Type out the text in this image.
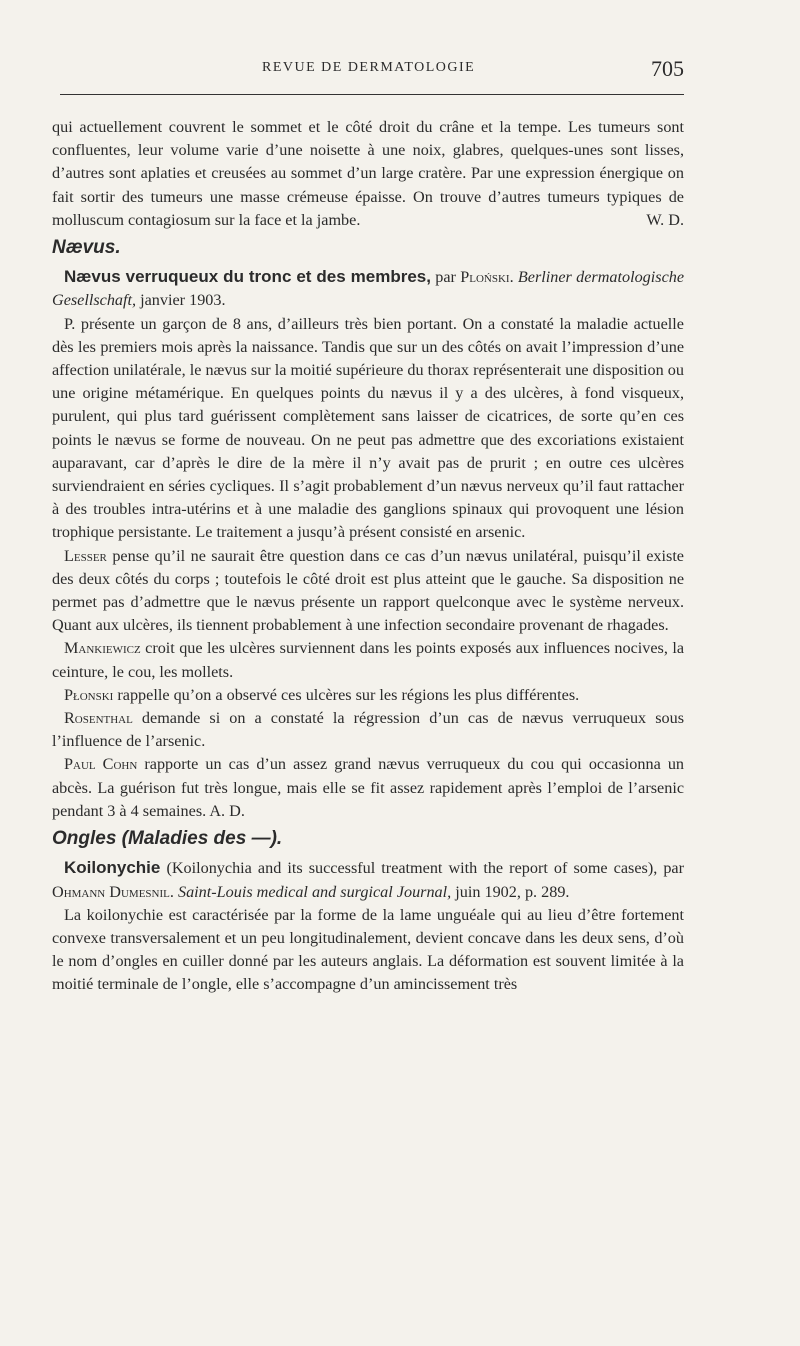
REVUE DE DERMATOLOGIE	705

qui actuellement couvrent le sommet et le côté droit du crâne et la tempe. Les tumeurs sont confluentes, leur volume varie d’une noisette à une noix, glabres, quelques-unes sont lisses, d’autres sont aplaties et creusées au sommet d’un large cratère. Par une expression énergique on fait sortir des tumeurs une masse crémeuse épaisse. On trouve d’autres tumeurs typiques de molluscum contagiosum sur la face et la jambe.	W. D.

Nævus.

Nævus verruqueux du tronc et des membres, par Ploński. Berliner dermatologische Gesellschaft, janvier 1903.

P. présente un garçon de 8 ans, d’ailleurs très bien portant. On a constaté la maladie actuelle dès les premiers mois après la naissance. Tandis que sur un des côtés on avait l’impression d’une affection unilatérale, le nævus sur la moitié supérieure du thorax représenterait une disposition ou une origine métamérique. En quelques points du nævus il y a des ulcères, à fond visqueux, purulent, qui plus tard guérissent complètement sans laisser de cicatrices, de sorte qu’en ces points le nævus se forme de nouveau. On ne peut pas admettre que des excoriations existaient auparavant, car d’après le dire de la mère il n’y avait pas de prurit ; en outre ces ulcères surviendraient en séries cycliques. Il s’agit probablement d’un nævus nerveux qu’il faut rattacher à des troubles intra-utérins et à une maladie des ganglions spinaux qui provoquent une lésion trophique persistante. Le traitement a jusqu’à présent consisté en arsenic.

Lesser pense qu’il ne saurait être question dans ce cas d’un nævus unilatéral, puisqu’il existe des deux côtés du corps ; toutefois le côté droit est plus atteint que le gauche. Sa disposition ne permet pas d’admettre que le nævus présente un rapport quelconque avec le système nerveux. Quant aux ulcères, ils tiennent probablement à une infection secondaire provenant de rhagades.

Mankiewicz croit que les ulcères surviennent dans les points exposés aux influences nocives, la ceinture, le cou, les mollets.

Płonski rappelle qu’on a observé ces ulcères sur les régions les plus différentes.

Rosenthal demande si on a constaté la régression d’un cas de nævus verruqueux sous l’influence de l’arsenic.

Paul Cohn rapporte un cas d’un assez grand nævus verruqueux du cou qui occasionna un abcès. La guérison fut très longue, mais elle se fit assez rapidement après l’emploi de l’arsenic pendant 3 à 4 semaines. A. D.

Ongles (Maladies des —).

Koilonychie (Koilonychia and its successful treatment with the report of some cases), par Ohmann Dumesnil. Saint-Louis medical and surgical Journal, juin 1902, p. 289.

La koilonychie est caractérisée par la forme de la lame unguéale qui au lieu d’être fortement convexe transversalement et un peu longitudinalement, devient concave dans les deux sens, d’où le nom d’ongles en cuiller donné par les auteurs anglais. La déformation est souvent limitée à la moitié terminale de l’ongle, elle s’accompagne d’un amincissement très
